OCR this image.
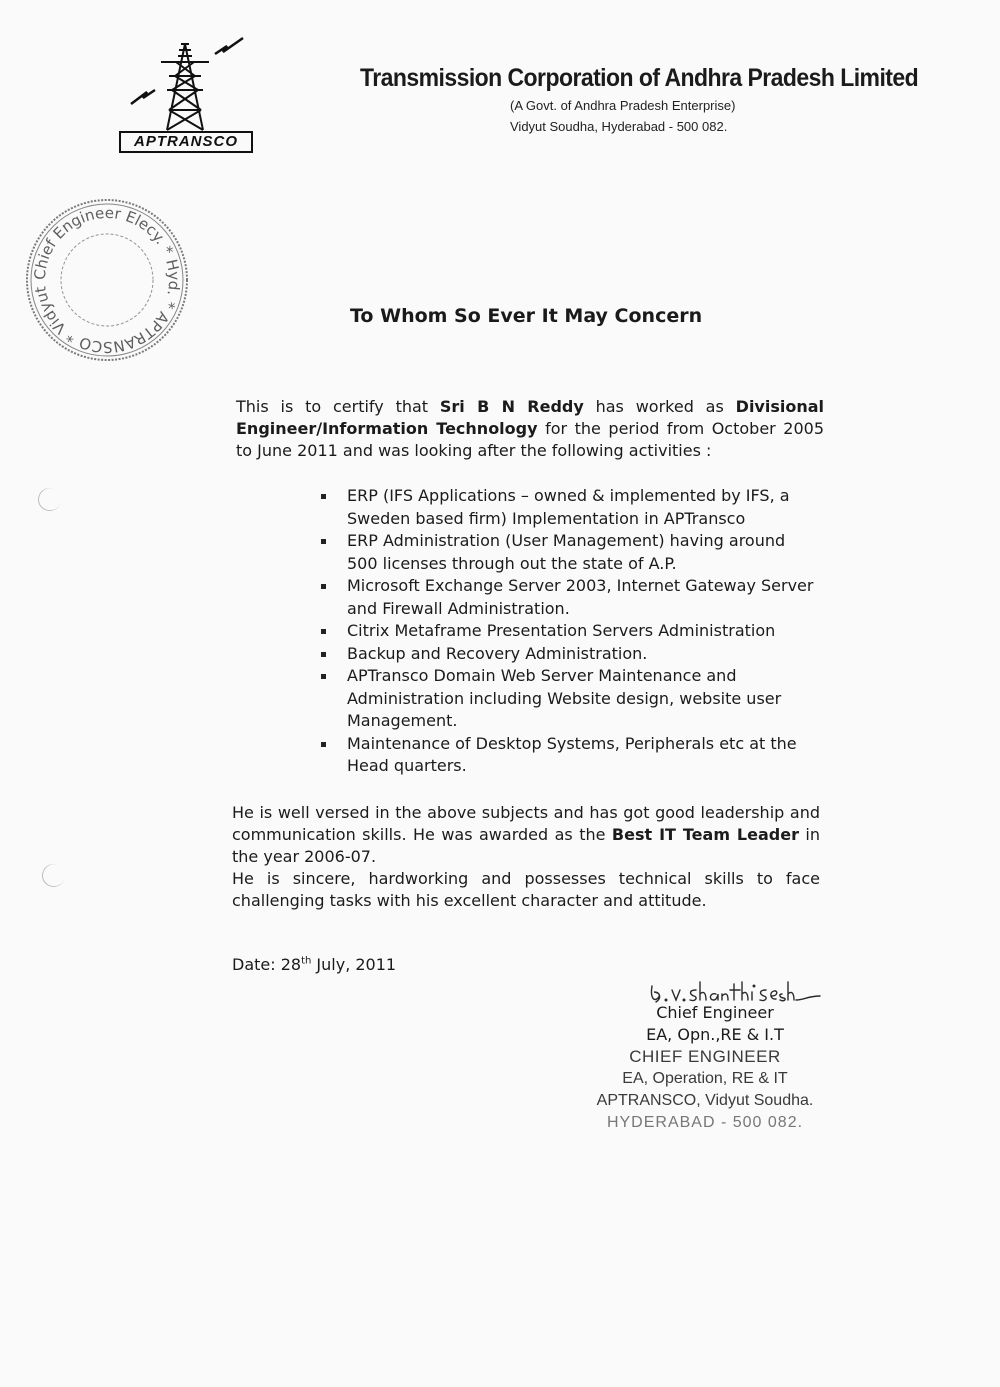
APTRANSCO
Transmission Corporation of Andhra Pradesh Limited

(A Govt. of Andhra Pradesh Enterprise)

Vidyut Soudha, Hyderabad - 500 082.

Chief Engineer Elecy. * Hyd. * APTRANSCO * Vidyut
To Whom So Ever It May Concern
This is to certify that Sri B N Reddy has worked as Divisional Engineer/Information Technology for the period from October 2005 to June 2011 and was looking after the following activities :
ERP (IFS Applications – owned & implemented by IFS, a Sweden based firm) Implementation in APTransco
ERP Administration (User Management) having around 500 licenses through out the state of A.P.
Microsoft Exchange Server 2003, Internet Gateway Server and Firewall Administration.
Citrix Metaframe Presentation Servers Administration
Backup and Recovery Administration.
APTransco Domain Web Server Maintenance and Administration including Website design, website user Management.
Maintenance of Desktop Systems, Peripherals etc at the Head quarters.
He is well versed in the above subjects and has got good leadership and communication skills. He was awarded as the Best IT Team Leader in the year 2006-07.
He is sincere, hardworking and possesses technical skills to face challenging tasks with his excellent character and attitude.
Date: 28th July, 2011
Chief Engineer
EA, Opn.,RE & I.T
CHIEF ENGINEER
EA, Operation, RE & IT
APTRANSCO, Vidyut Soudha.
HYDERABAD - 500 082.
